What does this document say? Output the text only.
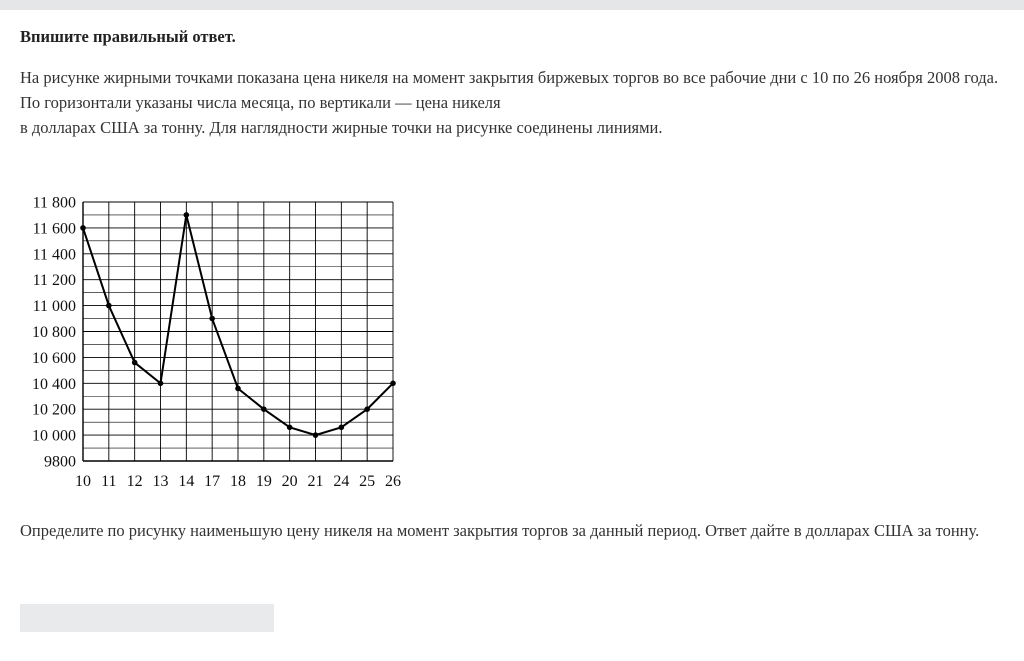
Впишите правильный ответ.

На рисунке жирными точками показана цена никеля на момент закрытия биржевых торгов во все рабочие дни с 10 по 26 ноября 2008 года.
По горизонтали указаны числа месяца, по вертикали — цена никеля
в долларах США за тонну. Для наглядности жирные точки на рисунке соединены линиями.

9800
10 000
10 200
10 400
10 600
10 800
11 000
11 200
11 400
11 600
11 800
10 11 12 13 14 17 18 19 20 21 24 25 26

Определите по рисунку наименьшую цену никеля на момент закрытия торгов за данный период. Ответ дайте в долларах США за тонну.
